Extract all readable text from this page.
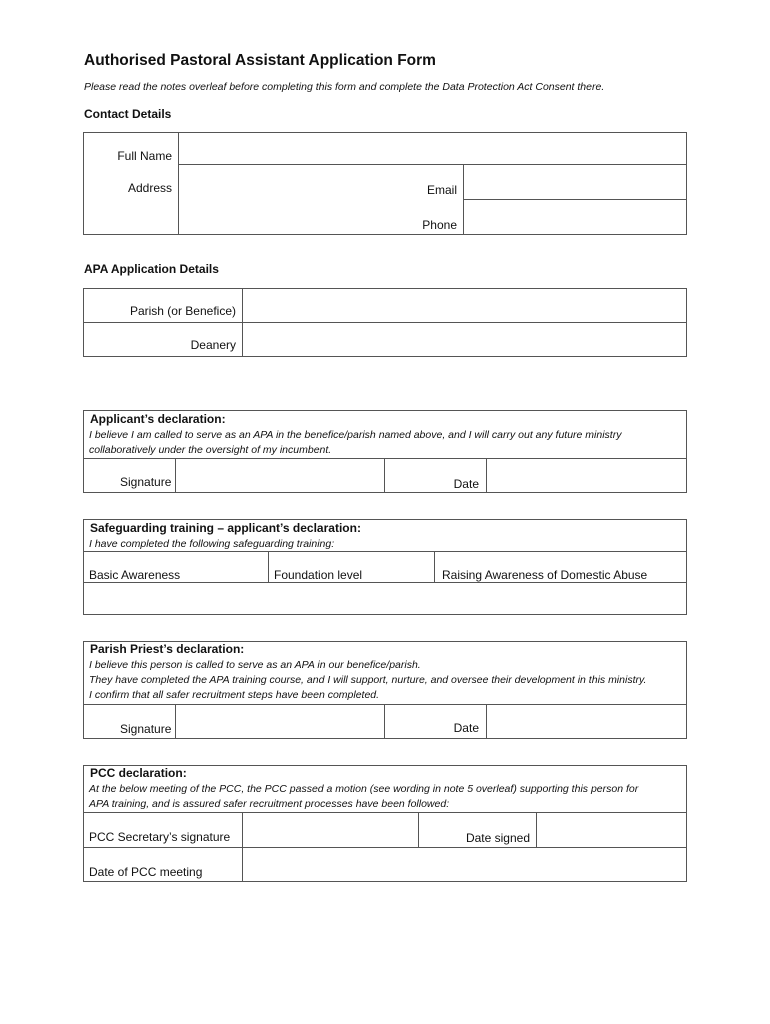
Authorised Pastoral Assistant Application Form
Please read the notes overleaf before completing this form and complete the Data Protection Act Consent there.
Contact Details
Full Name
Address	Email
Phone
APA Application Details
Parish (or Benefice)
Deanery
Applicant’s declaration:
I believe I am called to serve as an APA in the benefice/parish named above, and I will carry out any future ministry
collaboratively under the oversight of my incumbent.
Signature	Date
Safeguarding training – applicant’s declaration:
I have completed the following safeguarding training:
Basic Awareness	Foundation level	Raising Awareness of Domestic Abuse
Parish Priest’s declaration:
I believe this person is called to serve as an APA in our benefice/parish.
They have completed the APA training course, and I will support, nurture, and oversee their development in this ministry.
I confirm that all safer recruitment steps have been completed.
Signature	Date
PCC declaration:
At the below meeting of the PCC, the PCC passed a motion (see wording in note 5 overleaf) supporting this person for
APA training, and is assured safer recruitment processes have been followed:
PCC Secretary’s signature	Date signed
Date of PCC meeting
